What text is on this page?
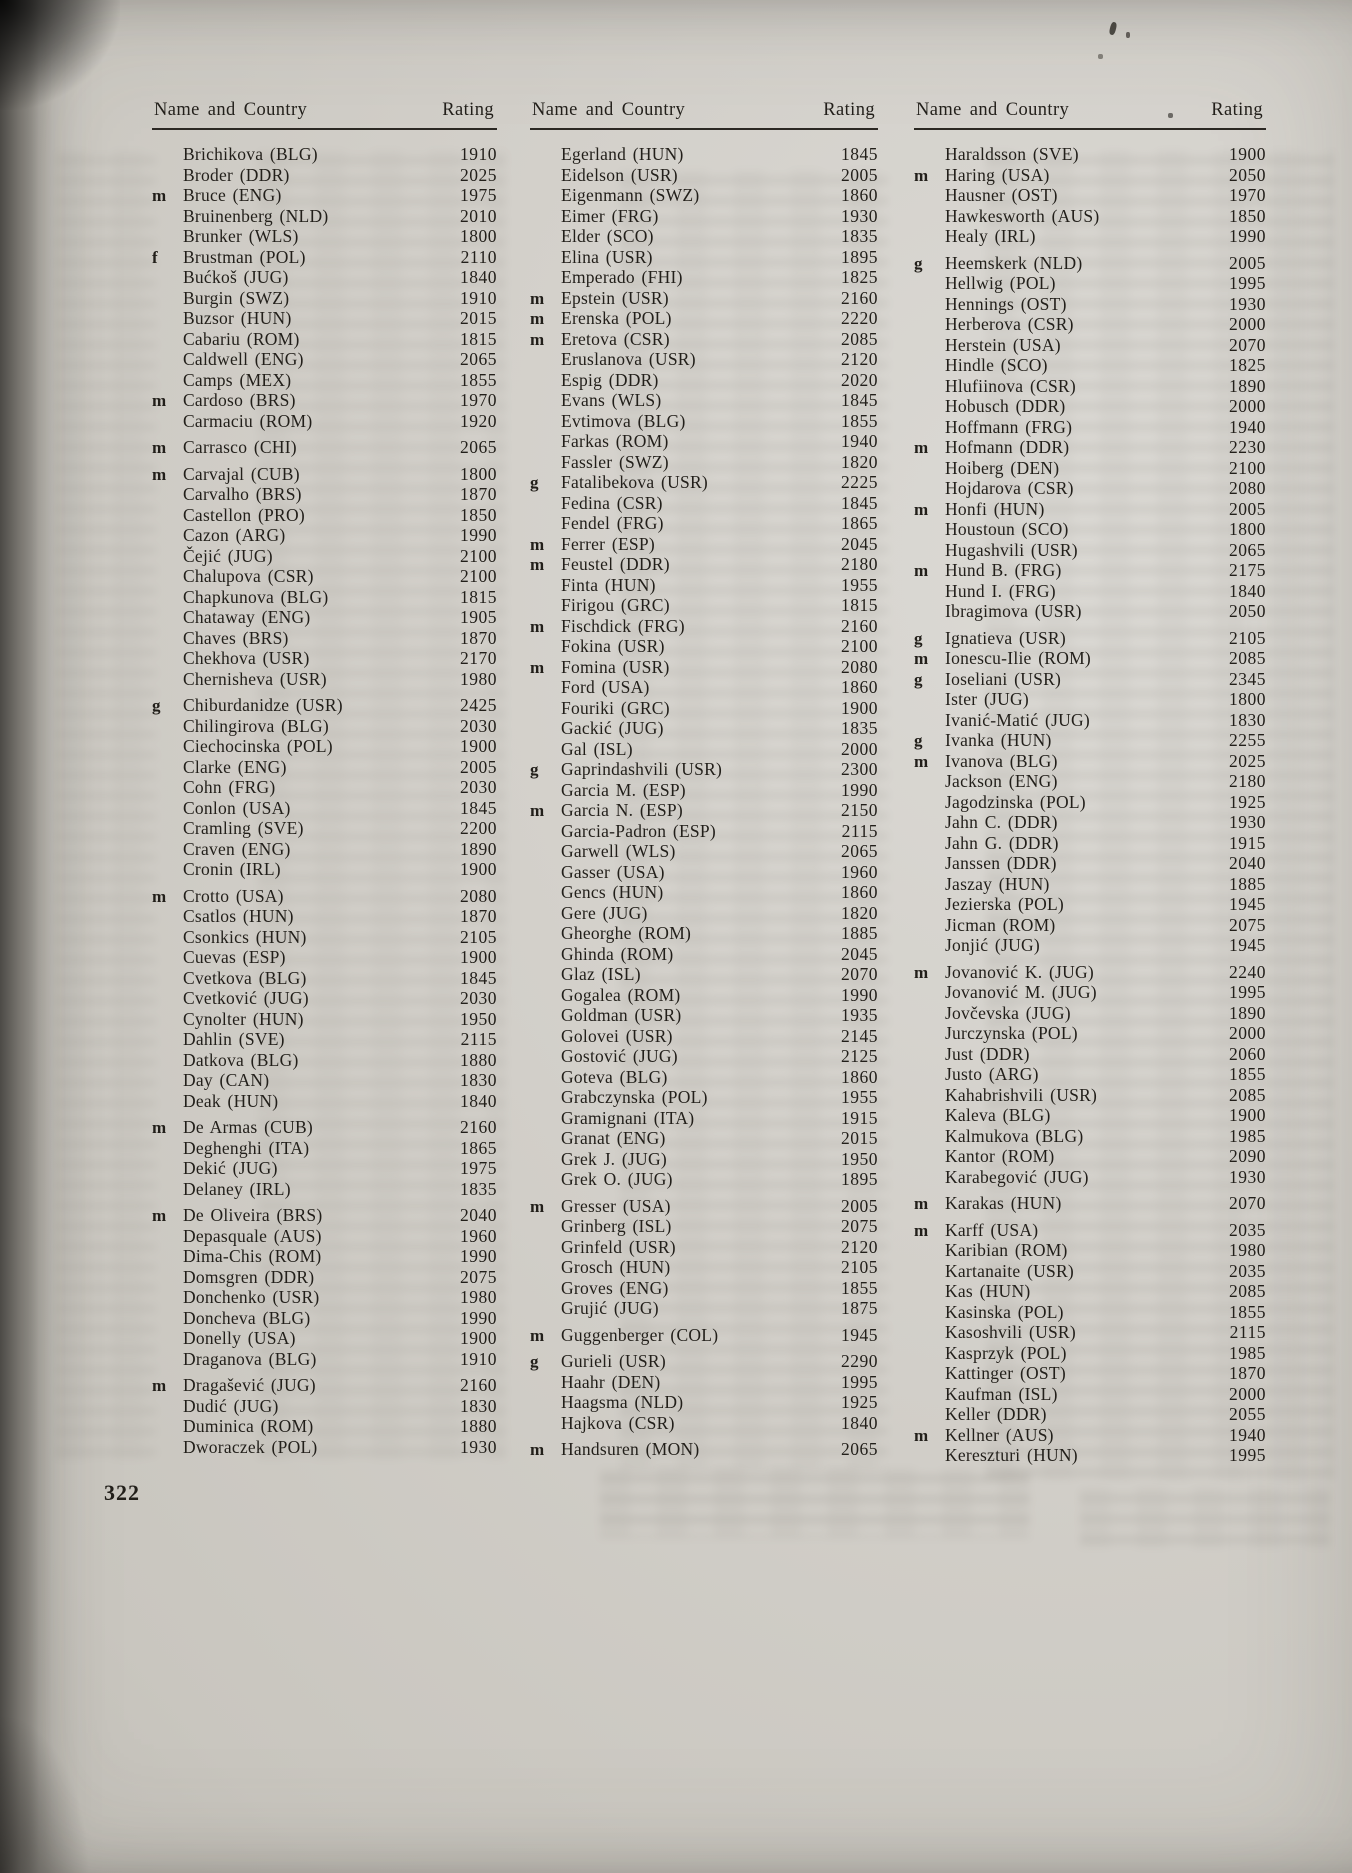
Name and Country	Rating
Brichikova (BLG)	1910
Broder (DDR)	2025
m Bruce (ENG)	1975
Bruinenberg (NLD)	2010
Brunker (WLS)	1800
f	Brustman (POL)	2110
Bućkoš (JUG)	1840
Burgin (SWZ)	1910
Buzsor (HUN)	2015
Cabariu (ROM)	1815
Caldwell (ENG)	2065
Camps (MEX)	1855
m Cardoso (BRS)	1970
Carmaciu (ROM)	1920
m Carrasco (CHI)	2065
m Carvajal (CUB)	1800
Carvalho (BRS)	1870
Castellon (PRO)	1850
Cazon (ARG)	1990
Čejić (JUG)	2100
Chalupova (CSR)	2100
Chapkunova (BLG)	1815
Chataway (ENG)	1905
Chaves (BRS)	1870
Chekhova (USR)	2170
Chernisheva (USR)	1980
g	Chiburdanidze (USR)	2425
Chilingirova (BLG)	2030
Ciechocinska (POL)	1900
Clarke (ENG)	2005
Cohn (FRG)	2030
Conlon (USA)	1845
Cramling (SVE)	2200
Craven (ENG)	1890
Cronin (IRL)	1900
m Crotto (USA)	2080
Csatlos (HUN)	1870
Csonkics (HUN)	2105
Cuevas (ESP)	1900
Cvetkova (BLG)	1845
Cvetković (JUG)	2030
Cynolter (HUN)	1950
Dahlin (SVE)	2115
Datkova (BLG)	1880
Day (CAN)	1830
Deak (HUN)	1840
m De Armas (CUB)	2160
Deghenghi (ITA)	1865
Dekić (JUG)	1975
Delaney (IRL)	1835
m De Oliveira (BRS)	2040
Depasquale (AUS)	1960
Dima-Chis (ROM)	1990
Domsgren (DDR)	2075
Donchenko (USR)	1980
Doncheva (BLG)	1990
Donelly (USA)	1900
Draganova (BLG)	1910
m Dragašević (JUG)	2160
Dudić (JUG)	1830
Duminica (ROM)	1880
Dworaczek (POL)	1930
Name and Country	Rating
Egerland (HUN)	1845
Eidelson (USR)	2005
Eigenmann (SWZ)	1860
Eimer (FRG)	1930
Elder (SCO)	1835
Elina (USR)	1895
Emperado (FHI)	1825
m Epstein (USR)	2160
m Erenska (POL)	2220
m Eretova (CSR)	2085
Eruslanova (USR)	2120
Espig (DDR)	2020
Evans (WLS)	1845
Evtimova (BLG)	1855
Farkas (ROM)	1940
Fassler (SWZ)	1820
g	Fatalibekova (USR)	2225
Fedina (CSR)	1845
Fendel (FRG)	1865
m Ferrer (ESP)	2045
m Feustel (DDR)	2180
Finta (HUN)	1955
Firigou (GRC)	1815
m Fischdick (FRG)	2160
Fokina (USR)	2100
m Fomina (USR)	2080
Ford (USA)	1860
Fouriki (GRC)	1900
Gackić (JUG)	1835
Gal (ISL)	2000
g	Gaprindashvili (USR)	2300
Garcia M. (ESP)	1990
m Garcia N. (ESP)	2150
Garcia-Padron (ESP)	2115
Garwell (WLS)	2065
Gasser (USA)	1960
Gencs (HUN)	1860
Gere (JUG)	1820
Gheorghe (ROM)	1885
Ghinda (ROM)	2045
Glaz (ISL)	2070
Gogalea (ROM)	1990
Goldman (USR)	1935
Golovei (USR)	2145
Gostović (JUG)	2125
Goteva (BLG)	1860
Grabczynska (POL)	1955
Gramignani (ITA)	1915
Granat (ENG)	2015
Grek J. (JUG)	1950
Grek O. (JUG)	1895
m Gresser (USA)	2005
Grinberg (ISL)	2075
Grinfeld (USR)	2120
Grosch (HUN)	2105
Groves (ENG)	1855
Grujić (JUG)	1875
m Guggenberger (COL)	1945
g	Gurieli (USR)	2290
Haahr (DEN)	1995
Haagsma (NLD)	1925
Hajkova (CSR)	1840
m Handsuren (MON)	2065
Name and Country	Rating
Haraldsson (SVE)	1900
m Haring (USA)	2050
Hausner (OST)	1970
Hawkesworth (AUS)	1850
Healy (IRL)	1990
g	Heemskerk (NLD)	2005
Hellwig (POL)	1995
Hennings (OST)	1930
Herberova (CSR)	2000
Herstein (USA)	2070
Hindle (SCO)	1825
Hlufiinova (CSR)	1890
Hobusch (DDR)	2000
Hoffmann (FRG)	1940
m Hofmann (DDR)	2230
Hoiberg (DEN)	2100
Hojdarova (CSR)	2080
m Honfi (HUN)	2005
Houstoun (SCO)	1800
Hugashvili (USR)	2065
m Hund B. (FRG)	2175
Hund I. (FRG)	1840
Ibragimova (USR)	2050
g	Ignatieva (USR)	2105
m Ionescu-Ilie (ROM)	2085
g	Ioseliani (USR)	2345
Ister (JUG)	1800
Ivanić-Matić (JUG)	1830
g	Ivanka (HUN)	2255
m Ivanova (BLG)	2025
Jackson (ENG)	2180
Jagodzinska (POL)	1925
Jahn C. (DDR)	1930
Jahn G. (DDR)	1915
Janssen (DDR)	2040
Jaszay (HUN)	1885
Jezierska (POL)	1945
Jicman (ROM)	2075
Jonjić (JUG)	1945
m Jovanović K. (JUG)	2240
Jovanović M. (JUG)	1995
Jovčevska (JUG)	1890
Jurczynska (POL)	2000
Just (DDR)	2060
Justo (ARG)	1855
Kahabrishvili (USR)	2085
Kaleva (BLG)	1900
Kalmukova (BLG)	1985
Kantor (ROM)	2090
Karabegović (JUG)	1930
m Karakas (HUN)	2070
m Karff (USA)	2035
Karibian (ROM)	1980
Kartanaite (USR)	2035
Kas (HUN)	2085
Kasinska (POL)	1855
Kasoshvili (USR)	2115
Kasprzyk (POL)	1985
Kattinger (OST)	1870
Kaufman (ISL)	2000
Keller (DDR)	2055
m Kellner (AUS)	1940
Kereszturi (HUN)	1995
322
